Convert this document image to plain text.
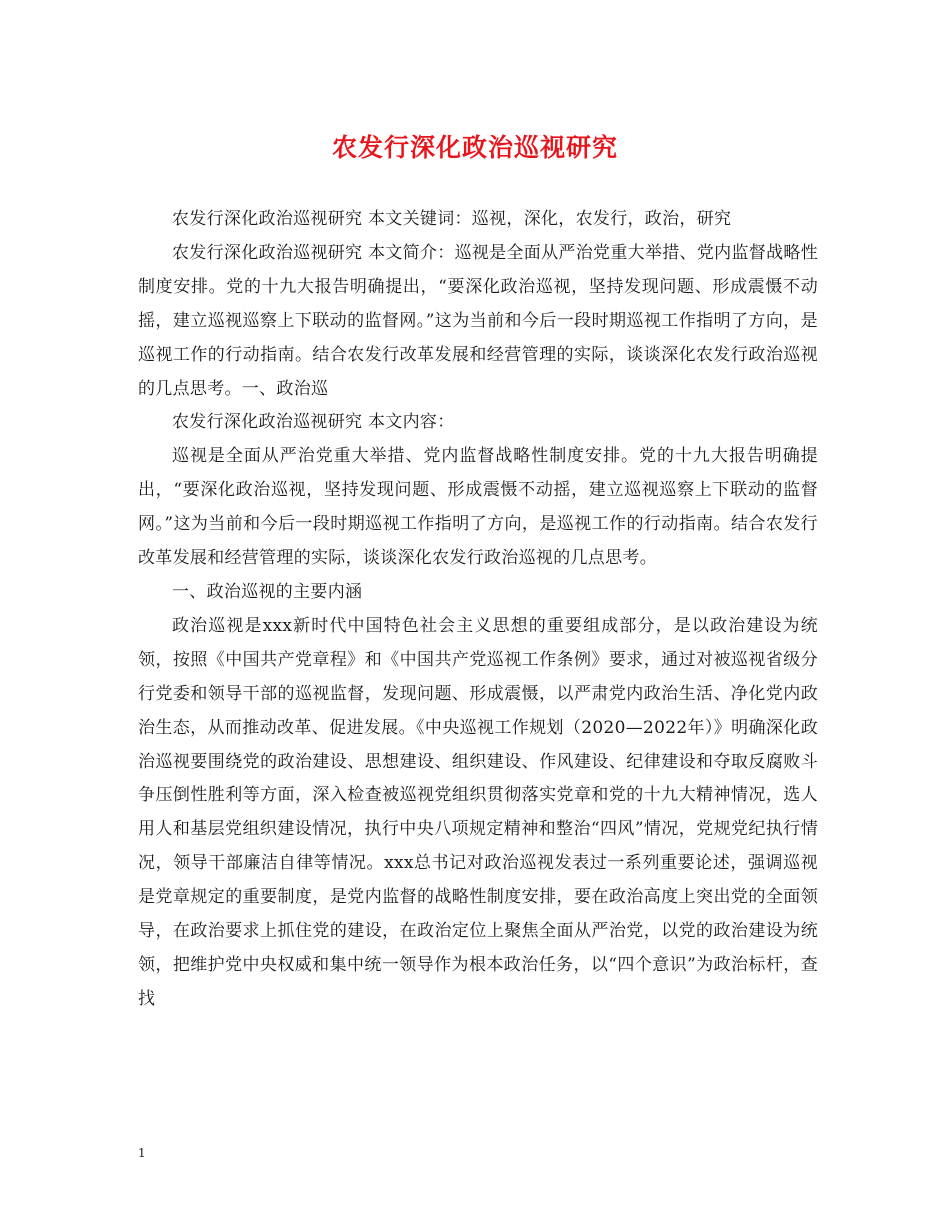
农发行深化政治巡视研究

农发行深化政治巡视研究 本文关键词：巡视，深化，农发行，政治，研究

农发行深化政治巡视研究 本文简介：巡视是全面从严治党重大举措、党内监督战略性制度安排。党的十九大报告明确提出，“要深化政治巡视，坚持发现问题、形成震慑不动摇，建立巡视巡察上下联动的监督网。”这为当前和今后一段时期巡视工作指明了方向，是巡视工作的行动指南。结合农发行改革发展和经营管理的实际，谈谈深化农发行政治巡视的几点思考。一、政治巡

农发行深化政治巡视研究 本文内容：

巡视是全面从严治党重大举措、党内监督战略性制度安排。党的十九大报告明确提出，“要深化政治巡视，坚持发现问题、形成震慑不动摇，建立巡视巡察上下联动的监督网。”这为当前和今后一段时期巡视工作指明了方向，是巡视工作的行动指南。结合农发行改革发展和经营管理的实际，谈谈深化农发行政治巡视的几点思考。

一、政治巡视的主要内涵

政治巡视是xxx新时代中国特色社会主义思想的重要组成部分，是以政治建设为统领，按照《中国共产党章程》和《中国共产党巡视工作条例》要求，通过对被巡视省级分行党委和领导干部的巡视监督，发现问题、形成震慑，以严肃党内政治生活、净化党内政治生态，从而推动改革、促进发展。《中央巡视工作规划（2020—2022年）》明确深化政治巡视要围绕党的政治建设、思想建设、组织建设、作风建设、纪律建设和夺取反腐败斗争压倒性胜利等方面，深入检查被巡视党组织贯彻落实党章和党的十九大精神情况，选人用人和基层党组织建设情况，执行中央八项规定精神和整治“四风”情况，党规党纪执行情况，领导干部廉洁自律等情况。xxx总书记对政治巡视发表过一系列重要论述，强调巡视是党章规定的重要制度，是党内监督的战略性制度安排，要在政治高度上突出党的全面领导，在政治要求上抓住党的建设，在政治定位上聚焦全面从严治党，以党的政治建设为统领，把维护党中央权威和集中统一领导作为根本政治任务，以“四个意识”为政治标杆，查找

1
